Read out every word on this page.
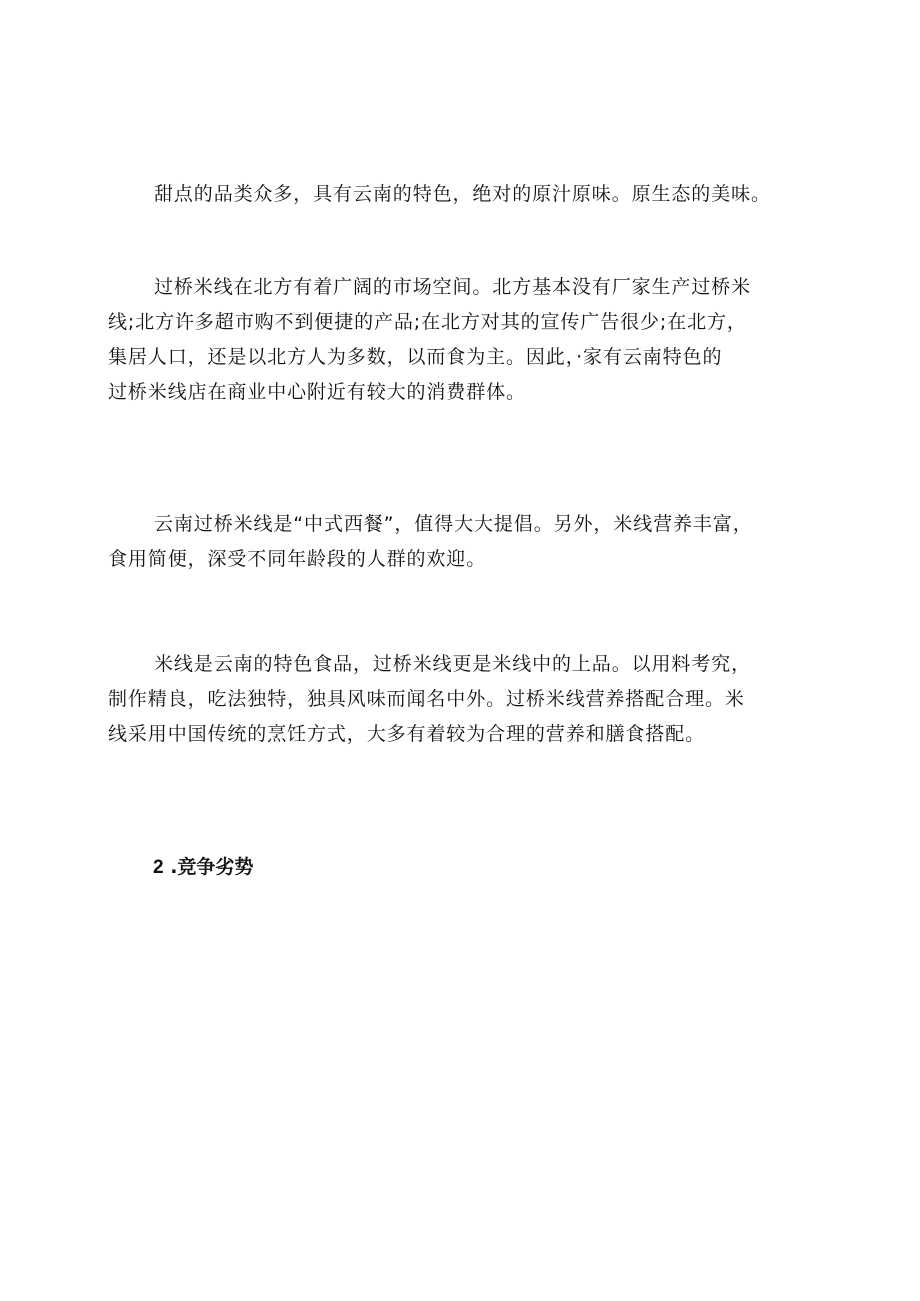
甜点的品类众多，具有云南的特色，绝对的原汁原味。原生态的美味。

过桥米线在北方有着广阔的市场空间。北方基本没有厂家生产过桥米
线;北方许多超市购不到便捷的产品;在北方对其的宣传广告很少;在北方，
集居人口，还是以北方人为多数，以而食为主。因此，·家有云南特色的
过桥米线店在商业中心附近有较大的消费群体。

云南过桥米线是“中式西餐”，值得大大提倡。另外，米线营养丰富，
食用简便，深受不同年龄段的人群的欢迎。

米线是云南的特色食品，过桥米线更是米线中的上品。以用料考究，
制作精良，吃法独特，独具风味而闻名中外。过桥米线营养搭配合理。米
线采用中国传统的烹饪方式，大多有着较为合理的营养和膳食搭配。

2 .竞争劣势
